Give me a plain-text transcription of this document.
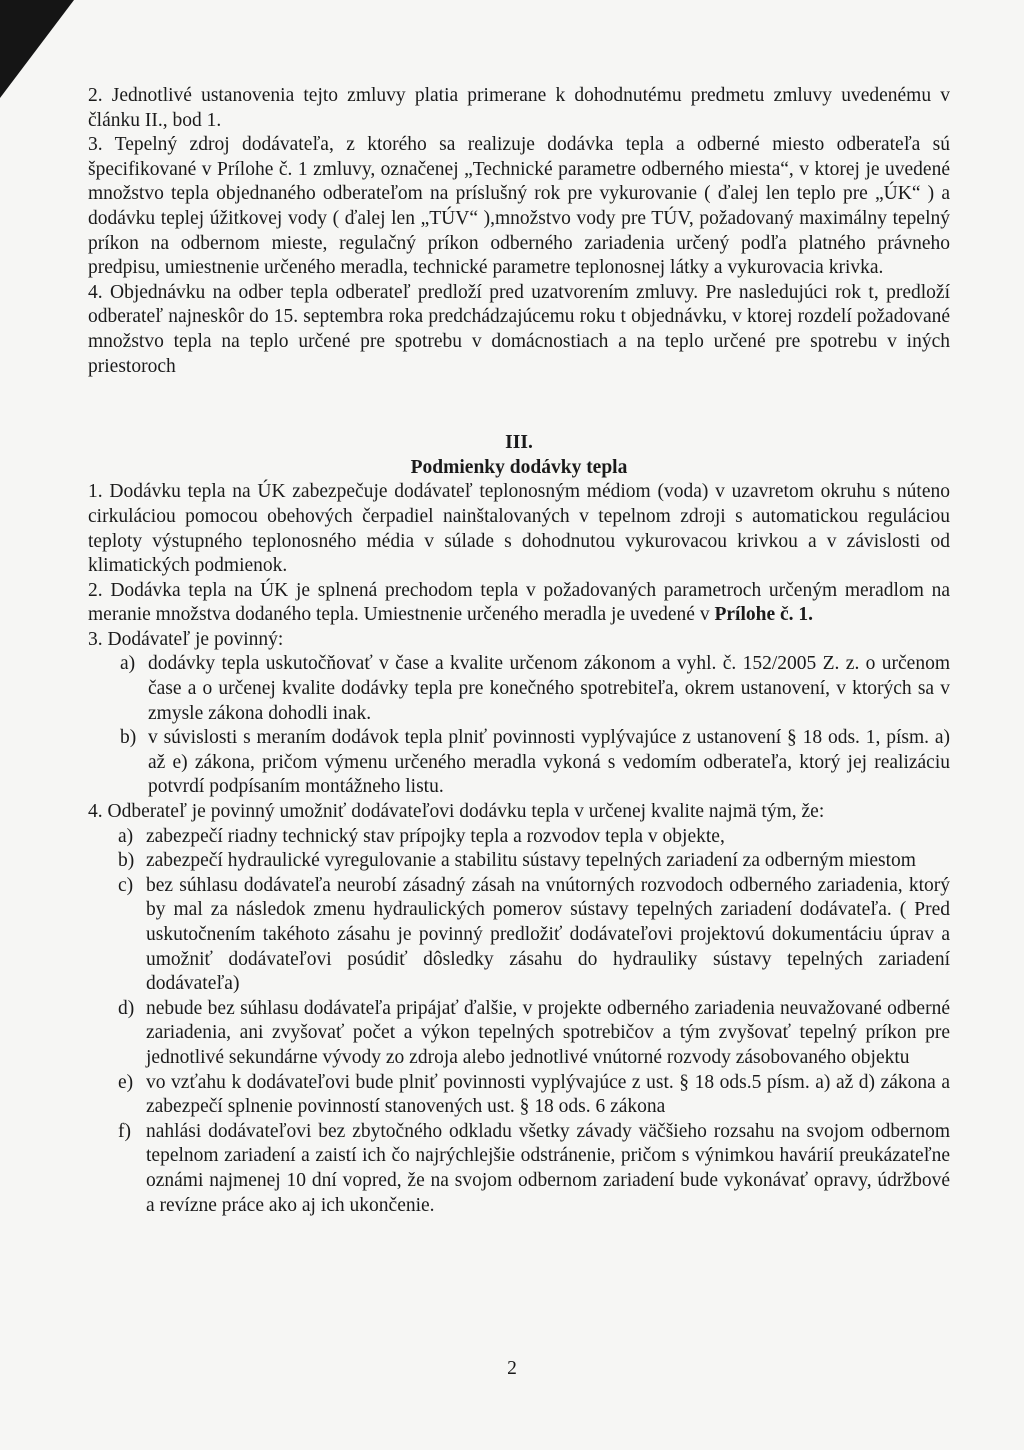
2. Jednotlivé ustanovenia tejto zmluvy platia primerane k dohodnutému predmetu zmluvy uvedenému v článku II., bod 1.

3. Tepelný zdroj dodávateľa, z ktorého sa realizuje dodávka tepla a odberné miesto odberateľa sú špecifikované v Prílohe č. 1 zmluvy, označenej „Technické parametre odberného miesta“, v ktorej je uvedené množstvo tepla objednaného odberateľom na príslušný rok pre vykurovanie ( ďalej len teplo pre „ÚK“ ) a dodávku teplej úžitkovej vody ( ďalej len „TÚV“ ),množstvo vody pre TÚV, požadovaný maximálny tepelný príkon na odbernom mieste, regulačný príkon odberného zariadenia určený podľa platného právneho predpisu, umiestnenie určeného meradla, technické parametre teplonosnej látky a vykurovacia krivka.

4. Objednávku na odber tepla odberateľ predloží pred uzatvorením zmluvy. Pre nasledujúci rok t, predloží odberateľ najneskôr do 15. septembra roka predchádzajúcemu roku t objednávku, v ktorej rozdelí požadované množstvo tepla na teplo určené pre spotrebu v domácnostiach a na teplo určené pre spotrebu v iných priestoroch

III.
Podmienky dodávky tepla

1. Dodávku tepla na ÚK zabezpečuje dodávateľ teplonosným médiom (voda) v uzavretom okruhu s núteno cirkuláciou pomocou obehových čerpadiel nainštalovaných v tepelnom zdroji s automatickou reguláciou teploty výstupného teplonosného média v súlade s dohodnutou vykurovacou krivkou a v závislosti od klimatických podmienok.

2. Dodávka tepla na ÚK je splnená prechodom tepla v požadovaných parametroch určeným meradlom na meranie množstva dodaného tepla. Umiestnenie určeného meradla je uvedené v Prílohe č. 1.

3. Dodávateľ je povinný:

a) dodávky tepla uskutočňovať v čase a kvalite určenom zákonom a vyhl. č. 152/2005 Z. z. o určenom čase a o určenej kvalite dodávky tepla pre konečného spotrebiteľa, okrem ustanovení, v ktorých sa v zmysle zákona dohodli inak.
b) v súvislosti s meraním dodávok tepla plniť povinnosti vyplývajúce z ustanovení § 18 ods. 1, písm. a) až e) zákona, pričom výmenu určeného meradla vykoná s vedomím odberateľa, ktorý jej realizáciu potvrdí podpísaním montážneho listu.

4. Odberateľ je povinný umožniť dodávateľovi dodávku tepla v určenej kvalite najmä tým, že:

a) zabezpečí riadny technický stav prípojky tepla a rozvodov tepla v objekte,
b) zabezpečí hydraulické vyregulovanie a stabilitu sústavy tepelných zariadení za odberným miestom
c) bez súhlasu dodávateľa neurobí zásadný zásah na vnútorných rozvodoch odberného zariadenia, ktorý by mal za následok zmenu hydraulických pomerov sústavy tepelných zariadení dodávateľa. ( Pred uskutočnením takéhoto zásahu je povinný predložiť dodávateľovi projektovú dokumentáciu úprav a umožniť dodávateľovi posúdiť dôsledky zásahu do hydrauliky sústavy tepelných zariadení dodávateľa)
d) nebude bez súhlasu dodávateľa pripájať ďalšie, v projekte odberného zariadenia neuvažované odberné zariadenia, ani zvyšovať počet a výkon tepelných spotrebičov a tým zvyšovať tepelný príkon pre jednotlivé sekundárne vývody zo zdroja alebo jednotlivé vnútorné rozvody zásobovaného objektu
e) vo vzťahu k dodávateľovi bude plniť povinnosti vyplývajúce z ust. § 18 ods.5 písm. a) až d) zákona a zabezpečí splnenie povinností stanovených ust. § 18 ods. 6 zákona
f) nahlási dodávateľovi bez zbytočného odkladu všetky závady väčšieho rozsahu na svojom odbernom tepelnom zariadení a zaistí ich čo najrýchlejšie odstránenie, pričom s výnimkou havárií preukázateľne oznámi najmenej 10 dní vopred, že na svojom odbernom zariadení bude vykonávať opravy, údržbové a revízne práce ako aj ich ukončenie.
2
